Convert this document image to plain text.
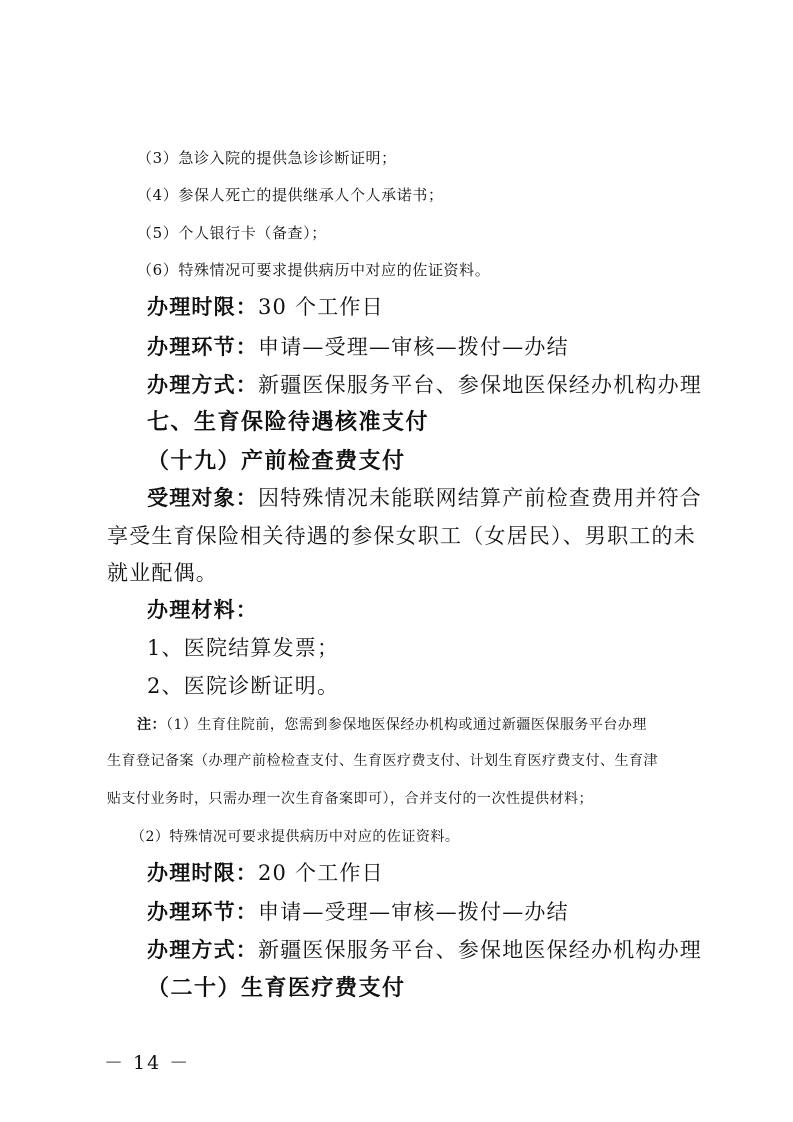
（3）急诊入院的提供急诊诊断证明；
（4）参保人死亡的提供继承人个人承诺书；
（5）个人银行卡（备查）；
（6）特殊情况可要求提供病历中对应的佐证资料。
办理时限：30 个工作日
办理环节：申请—受理—审核—拨付—办结
办理方式：新疆医保服务平台、参保地医保经办机构办理
七、生育保险待遇核准支付
（十九）产前检查费支付
受理对象：因特殊情况未能联网结算产前检查费用并符合
享受生育保险相关待遇的参保女职工（女居民）、男职工的未
就业配偶。
办理材料：
1、医院结算发票；
2、医院诊断证明。
注：（1）生育住院前，您需到参保地医保经办机构或通过新疆医保服务平台办理
生育登记备案（办理产前检检查支付、生育医疗费支付、计划生育医疗费支付、生育津
贴支付业务时，只需办理一次生育备案即可），合并支付的一次性提供材料；
（2）特殊情况可要求提供病历中对应的佐证资料。
办理时限：20 个工作日
办理环节：申请—受理—审核—拨付—办结
办理方式：新疆医保服务平台、参保地医保经办机构办理
（二十）生育医疗费支付
－ 14 －
